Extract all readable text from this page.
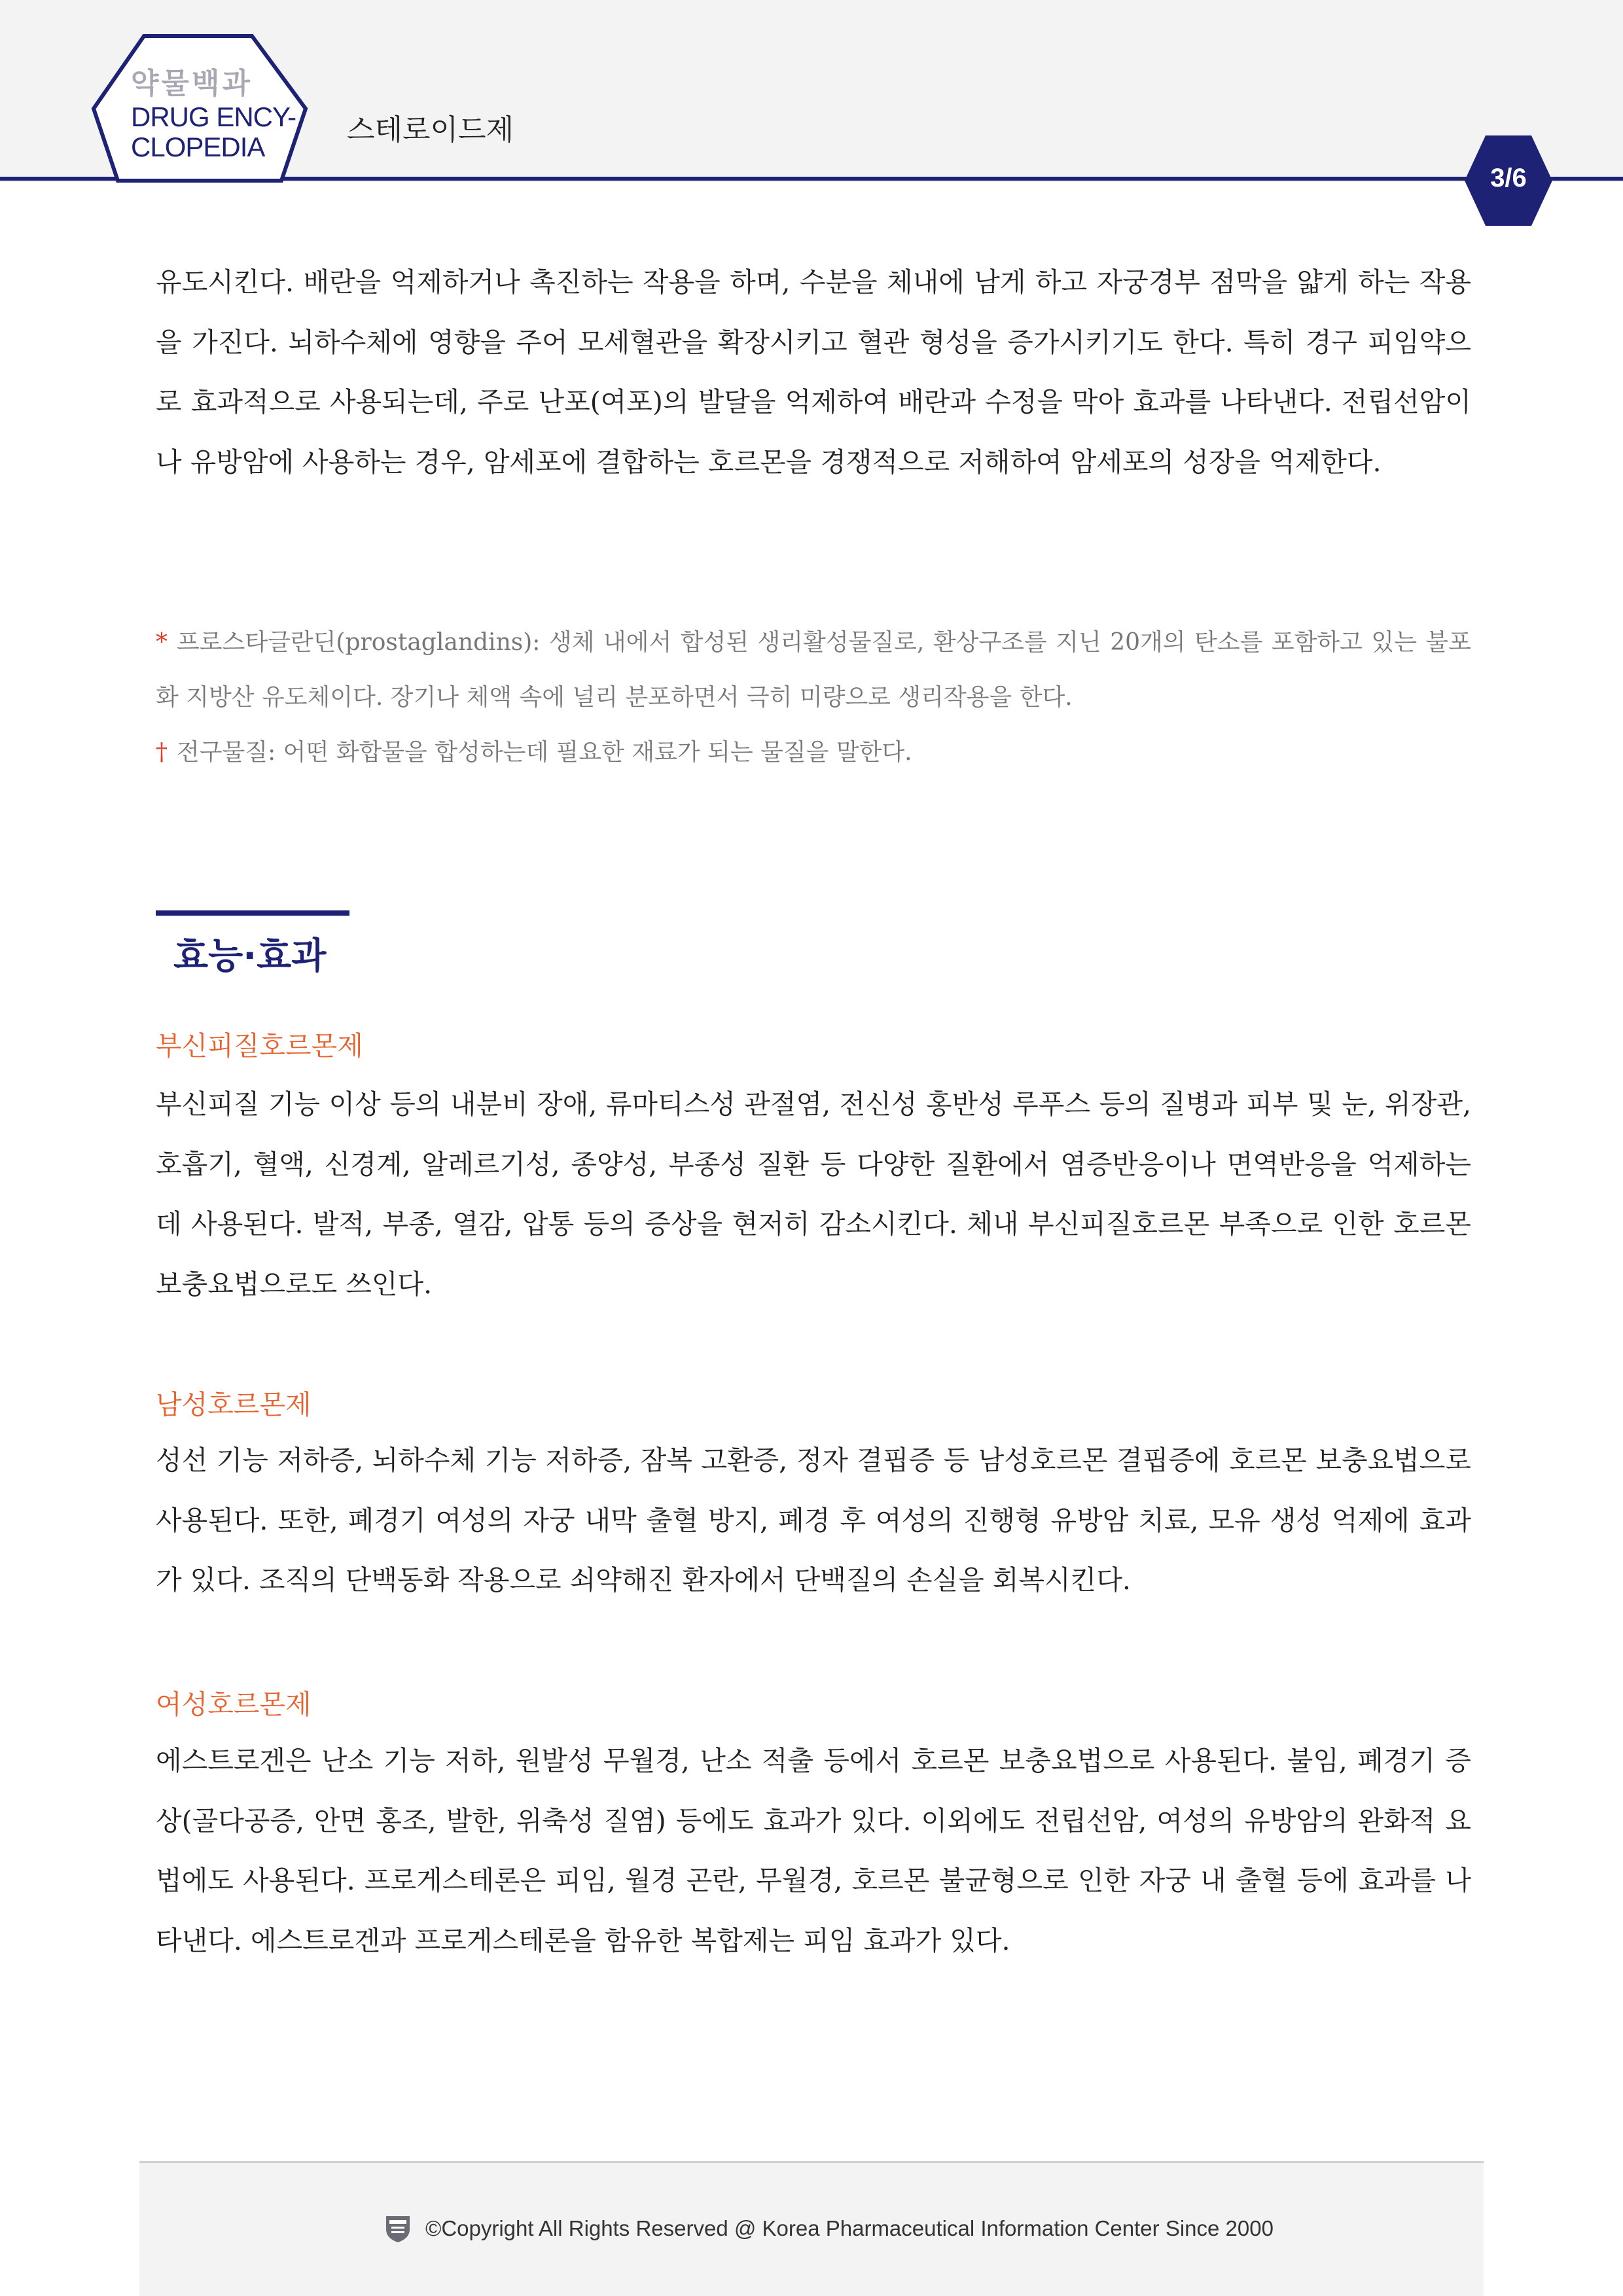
약물백과
DRUG ENCY-
CLOPEDIA
스테로이드제
3/6

유도시킨다. 배란을 억제하거나 촉진하는 작용을 하며, 수분을 체내에 남게 하고 자궁경부 점막을 얇게 하는 작용을 가진다. 뇌하수체에 영향을 주어 모세혈관을 확장시키고 혈관 형성을 증가시키기도 한다. 특히 경구 피임약으로 효과적으로 사용되는데, 주로 난포(여포)의 발달을 억제하여 배란과 수정을 막아 효과를 나타낸다. 전립선암이나 유방암에 사용하는 경우, 암세포에 결합하는 호르몬을 경쟁적으로 저해하여 암세포의 성장을 억제한다.

* 프로스타글란딘(prostaglandins): 생체 내에서 합성된 생리활성물질로, 환상구조를 지닌 20개의 탄소를 포함하고 있는 불포화 지방산 유도체이다. 장기나 체액 속에 널리 분포하면서 극히 미량으로 생리작용을 한다.

† 전구물질: 어떤 화합물을 합성하는데 필요한 재료가 되는 물질을 말한다.

효능·효과

부신피질호르몬제

부신피질 기능 이상 등의 내분비 장애, 류마티스성 관절염, 전신성 홍반성 루푸스 등의 질병과 피부 및 눈, 위장관, 호흡기, 혈액, 신경계, 알레르기성, 종양성, 부종성 질환 등 다양한 질환에서 염증반응이나 면역반응을 억제하는 데 사용된다. 발적, 부종, 열감, 압통 등의 증상을 현저히 감소시킨다. 체내 부신피질호르몬 부족으로 인한 호르몬 보충요법으로도 쓰인다.

남성호르몬제

성선 기능 저하증, 뇌하수체 기능 저하증, 잠복 고환증, 정자 결핍증 등 남성호르몬 결핍증에 호르몬 보충요법으로 사용된다. 또한, 폐경기 여성의 자궁 내막 출혈 방지, 폐경 후 여성의 진행형 유방암 치료, 모유 생성 억제에 효과가 있다. 조직의 단백동화 작용으로 쇠약해진 환자에서 단백질의 손실을 회복시킨다.

여성호르몬제

에스트로겐은 난소 기능 저하, 원발성 무월경, 난소 적출 등에서 호르몬 보충요법으로 사용된다. 불임, 폐경기 증상(골다공증, 안면 홍조, 발한, 위축성 질염) 등에도 효과가 있다. 이외에도 전립선암, 여성의 유방암의 완화적 요법에도 사용된다. 프로게스테론은 피임, 월경 곤란, 무월경, 호르몬 불균형으로 인한 자궁 내 출혈 등에 효과를 나타낸다. 에스트로겐과 프로게스테론을 함유한 복합제는 피임 효과가 있다.

©Copyright All Rights Reserved @ Korea Pharmaceutical Information Center Since 2000
